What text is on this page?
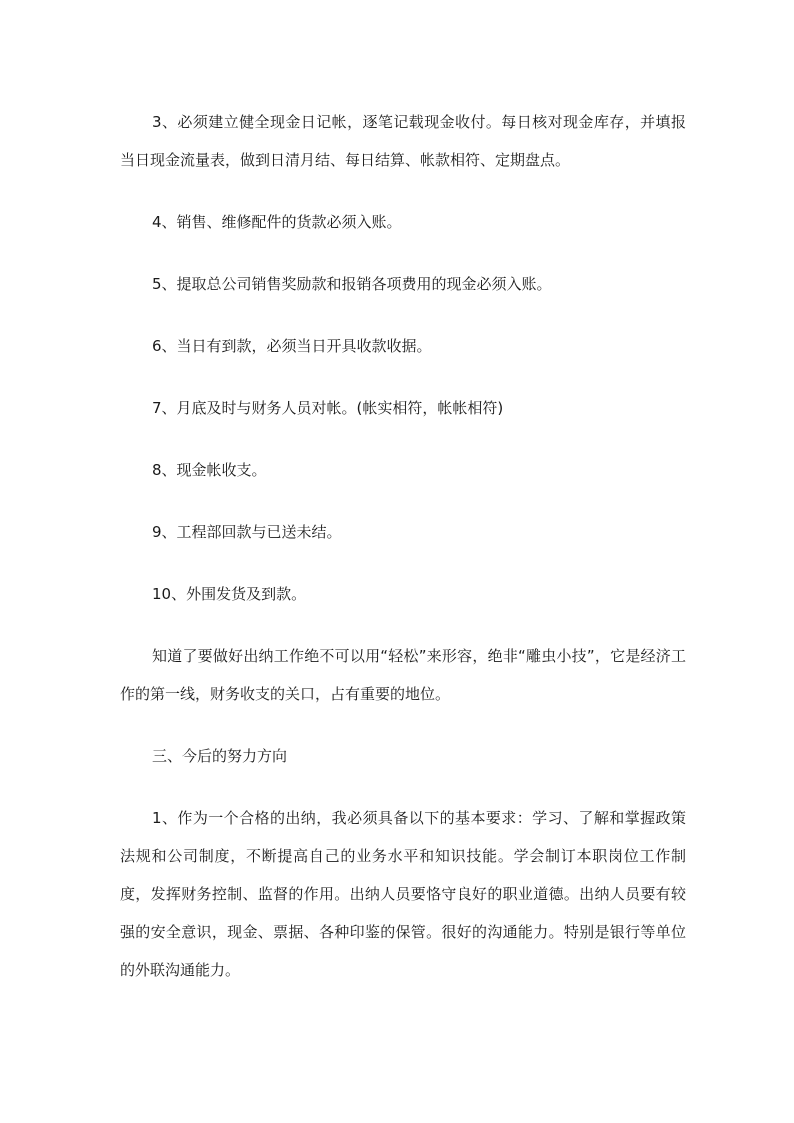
3、必须建立健全现金日记帐，逐笔记载现金收付。每日核对现金库存，并填报当日现金流量表，做到日清月结、每日结算、帐款相符、定期盘点。

4、销售、维修配件的货款必须入账。

5、提取总公司销售奖励款和报销各项费用的现金必须入账。

6、当日有到款，必须当日开具收款收据。

7、月底及时与财务人员对帐。(帐实相符，帐帐相符)

8、现金帐收支。

9、工程部回款与已送未结。

10、外围发货及到款。

知道了要做好出纳工作绝不可以用“轻松”来形容，绝非“雕虫小技”，它是经济工作的第一线，财务收支的关口，占有重要的地位。

三、今后的努力方向

1、作为一个合格的出纳，我必须具备以下的基本要求：学习、了解和掌握政策法规和公司制度，不断提高自己的业务水平和知识技能。学会制订本职岗位工作制度，发挥财务控制、监督的作用。出纳人员要恪守良好的职业道德。出纳人员要有较强的安全意识，现金、票据、各种印鉴的保管。很好的沟通能力。特别是银行等单位的外联沟通能力。
